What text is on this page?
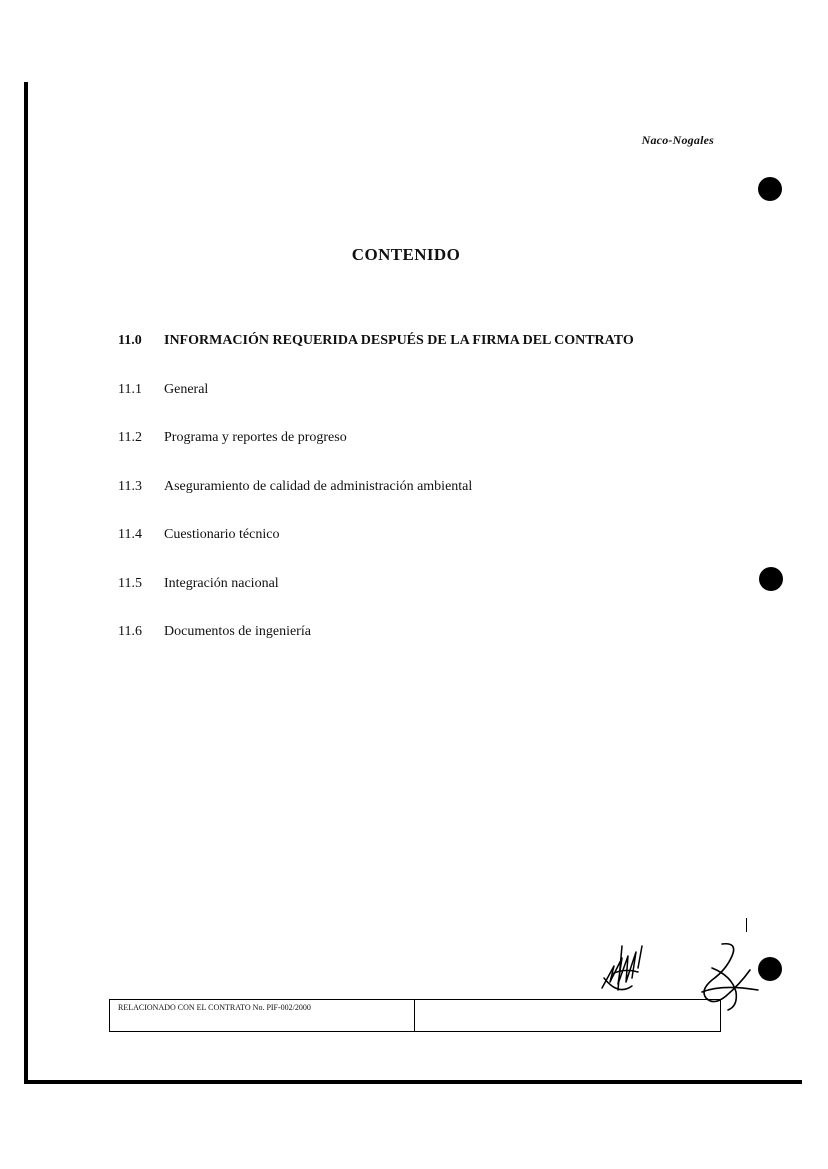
Naco-Nogales
CONTENIDO
11.0	INFORMACIÓN REQUERIDA DESPUÉS DE LA FIRMA DEL CONTRATO
11.1	General
11.2	Programa y reportes de progreso
11.3	Aseguramiento de calidad de administración ambiental
11.4	Cuestionario técnico
11.5	Integración nacional
11.6	Documentos de ingeniería
RELACIONADO CON EL CONTRATO No. PIF-002/2000
